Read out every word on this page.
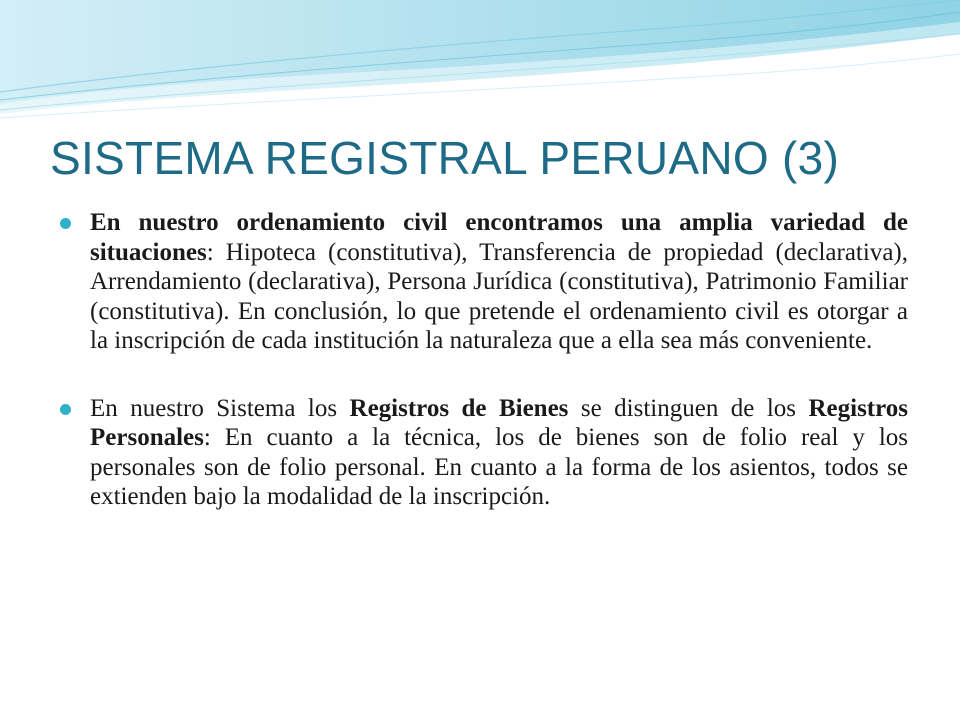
SISTEMA REGISTRAL PERUANO (3)
En nuestro ordenamiento civil encontramos una amplia variedad de situaciones: Hipoteca (constitutiva), Transferencia de propiedad (declarativa), Arrendamiento (declarativa), Persona Jurídica (constitutiva), Patrimonio Familiar (constitutiva). En conclusión, lo que pretende el ordenamiento civil es otorgar a la inscripción de cada institución la naturaleza que a ella sea más conveniente.
En nuestro Sistema los Registros de Bienes se distinguen de los Registros Personales: En cuanto a la técnica, los de bienes son de folio real y los personales son de folio personal. En cuanto a la forma de los asientos, todos se extienden bajo la modalidad de la inscripción.
